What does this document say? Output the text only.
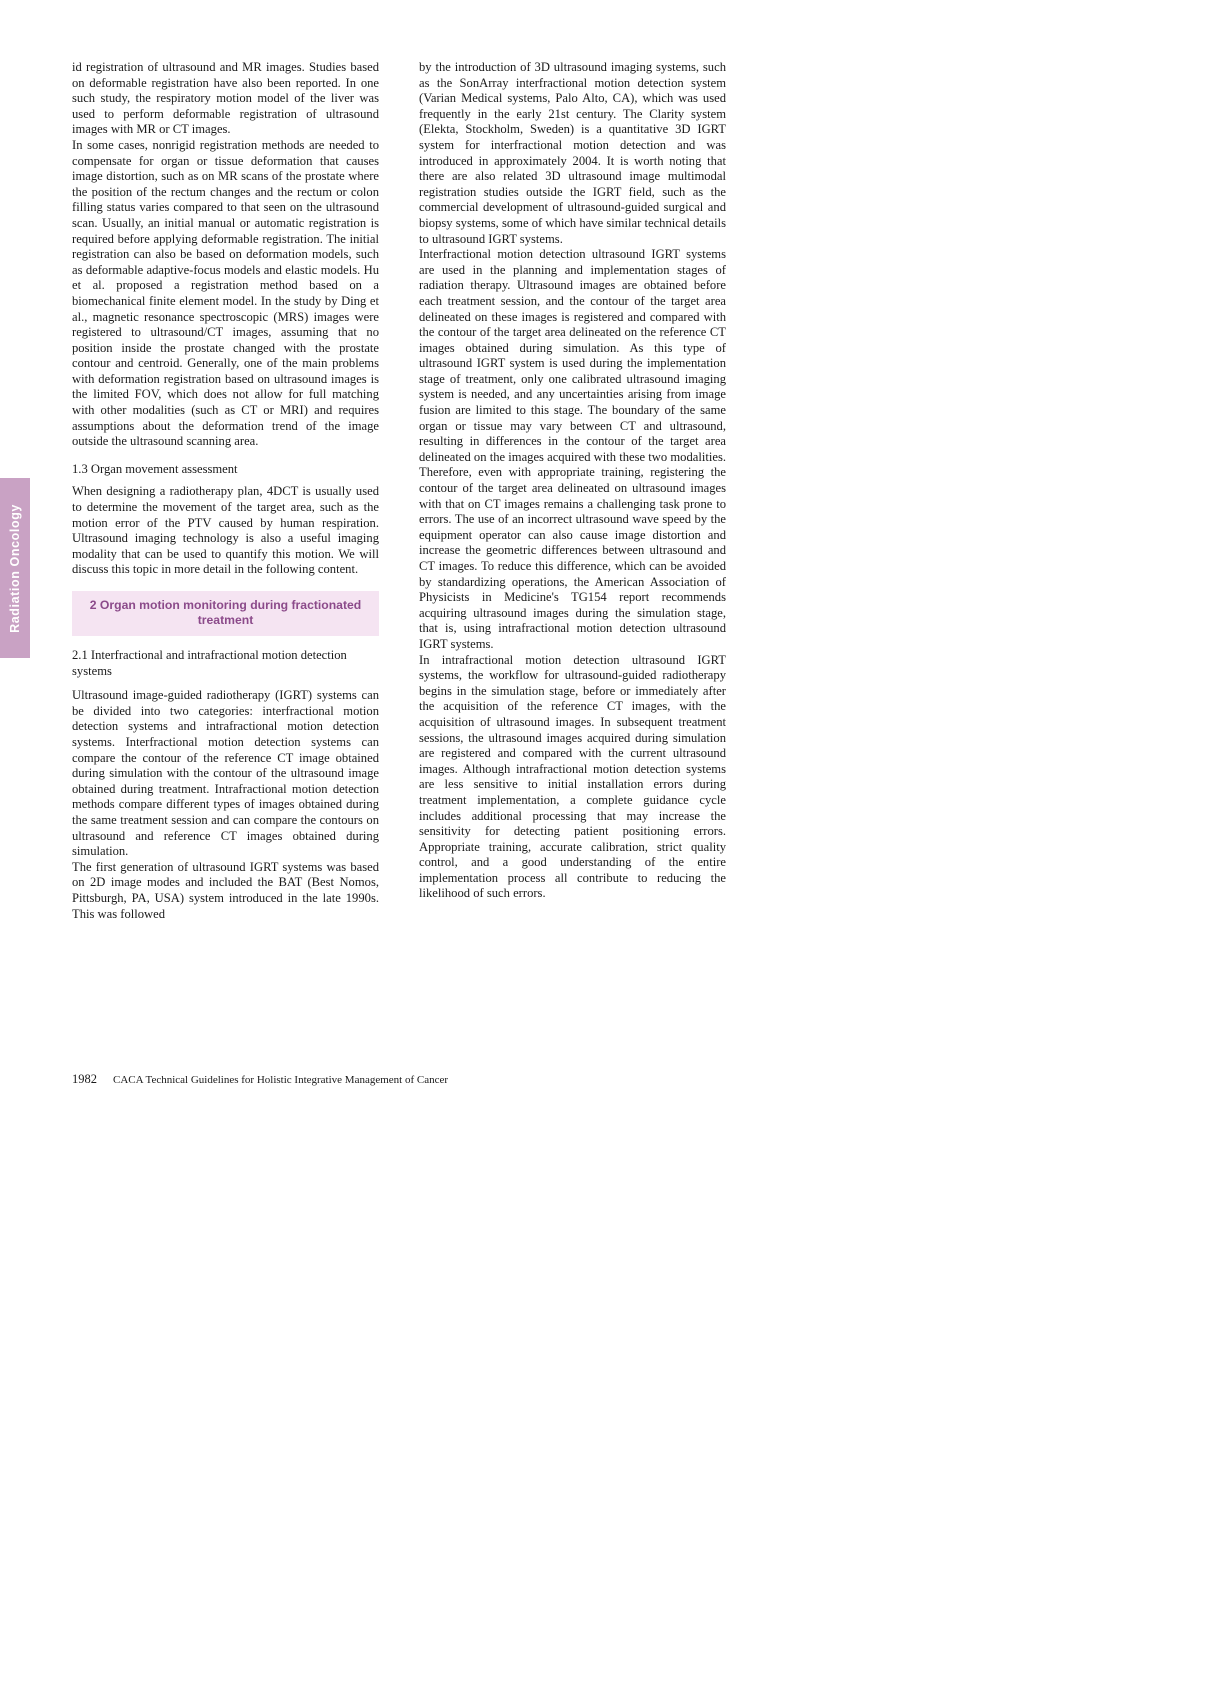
Radiation Oncology

id registration of ultrasound and MR images. Studies based on deformable registration have also been reported. In one such study, the respiratory motion model of the liver was used to perform deformable registration of ultrasound images with MR or CT images.

In some cases, nonrigid registration methods are needed to compensate for organ or tissue deformation that causes image distortion, such as on MR scans of the prostate where the position of the rectum changes and the rectum or colon filling status varies compared to that seen on the ultrasound scan. Usually, an initial manual or automatic registration is required before applying deformable registration. The initial registration can also be based on deformation models, such as deformable adaptive-focus models and elastic models. Hu et al. proposed a registration method based on a biomechanical finite element model. In the study by Ding et al., magnetic resonance spectroscopic (MRS) images were registered to ultrasound/CT images, assuming that no position inside the prostate changed with the prostate contour and centroid. Generally, one of the main problems with deformation registration based on ultrasound images is the limited FOV, which does not allow for full matching with other modalities (such as CT or MRI) and requires assumptions about the deformation trend of the image outside the ultrasound scanning area.

1.3 Organ movement assessment

When designing a radiotherapy plan, 4DCT is usually used to determine the movement of the target area, such as the motion error of the PTV caused by human respiration. Ultrasound imaging technology is also a useful imaging modality that can be used to quantify this motion. We will discuss this topic in more detail in the following content.

2 Organ motion monitoring during fractionated treatment
2.1 Interfractional and intrafractional motion detection systems

Ultrasound image-guided radiotherapy (IGRT) systems can be divided into two categories: interfractional motion detection systems and intrafractional motion detection systems. Interfractional motion detection systems can compare the contour of the reference CT image obtained during simulation with the contour of the ultrasound image obtained during treatment. Intrafractional motion detection methods compare different types of images obtained during the same treatment session and can compare the contours on ultrasound and reference CT images obtained during simulation.

The first generation of ultrasound IGRT systems was based on 2D image modes and included the BAT (Best Nomos, Pittsburgh, PA, USA) system introduced in the late 1990s. This was followed

by the introduction of 3D ultrasound imaging systems, such as the SonArray interfractional motion detection system (Varian Medical systems, Palo Alto, CA), which was used frequently in the early 21st century. The Clarity system (Elekta, Stockholm, Sweden) is a quantitative 3D IGRT system for interfractional motion detection and was introduced in approximately 2004. It is worth noting that there are also related 3D ultrasound image multimodal registration studies outside the IGRT field, such as the commercial development of ultrasound-guided surgical and biopsy systems, some of which have similar technical details to ultrasound IGRT systems.

Interfractional motion detection ultrasound IGRT systems are used in the planning and implementation stages of radiation therapy. Ultrasound images are obtained before each treatment session, and the contour of the target area delineated on these images is registered and compared with the contour of the target area delineated on the reference CT images obtained during simulation. As this type of ultrasound IGRT system is used during the implementation stage of treatment, only one calibrated ultrasound imaging system is needed, and any uncertainties arising from image fusion are limited to this stage. The boundary of the same organ or tissue may vary between CT and ultrasound, resulting in differences in the contour of the target area delineated on the images acquired with these two modalities. Therefore, even with appropriate training, registering the contour of the target area delineated on ultrasound images with that on CT images remains a challenging task prone to errors. The use of an incorrect ultrasound wave speed by the equipment operator can also cause image distortion and increase the geometric differences between ultrasound and CT images. To reduce this difference, which can be avoided by standardizing operations, the American Association of Physicists in Medicine's TG154 report recommends acquiring ultrasound images during the simulation stage, that is, using intrafractional motion detection ultrasound IGRT systems.

In intrafractional motion detection ultrasound IGRT systems, the workflow for ultrasound-guided radiotherapy begins in the simulation stage, before or immediately after the acquisition of the reference CT images, with the acquisition of ultrasound images. In subsequent treatment sessions, the ultrasound images acquired during simulation are registered and compared with the current ultrasound images. Although intrafractional motion detection systems are less sensitive to initial installation errors during treatment implementation, a complete guidance cycle includes additional processing that may increase the sensitivity for detecting patient positioning errors. Appropriate training, accurate calibration, strict quality control, and a good understanding of the entire implementation process all contribute to reducing the likelihood of such errors.

1982 CACA Technical Guidelines for Holistic Integrative Management of Cancer
